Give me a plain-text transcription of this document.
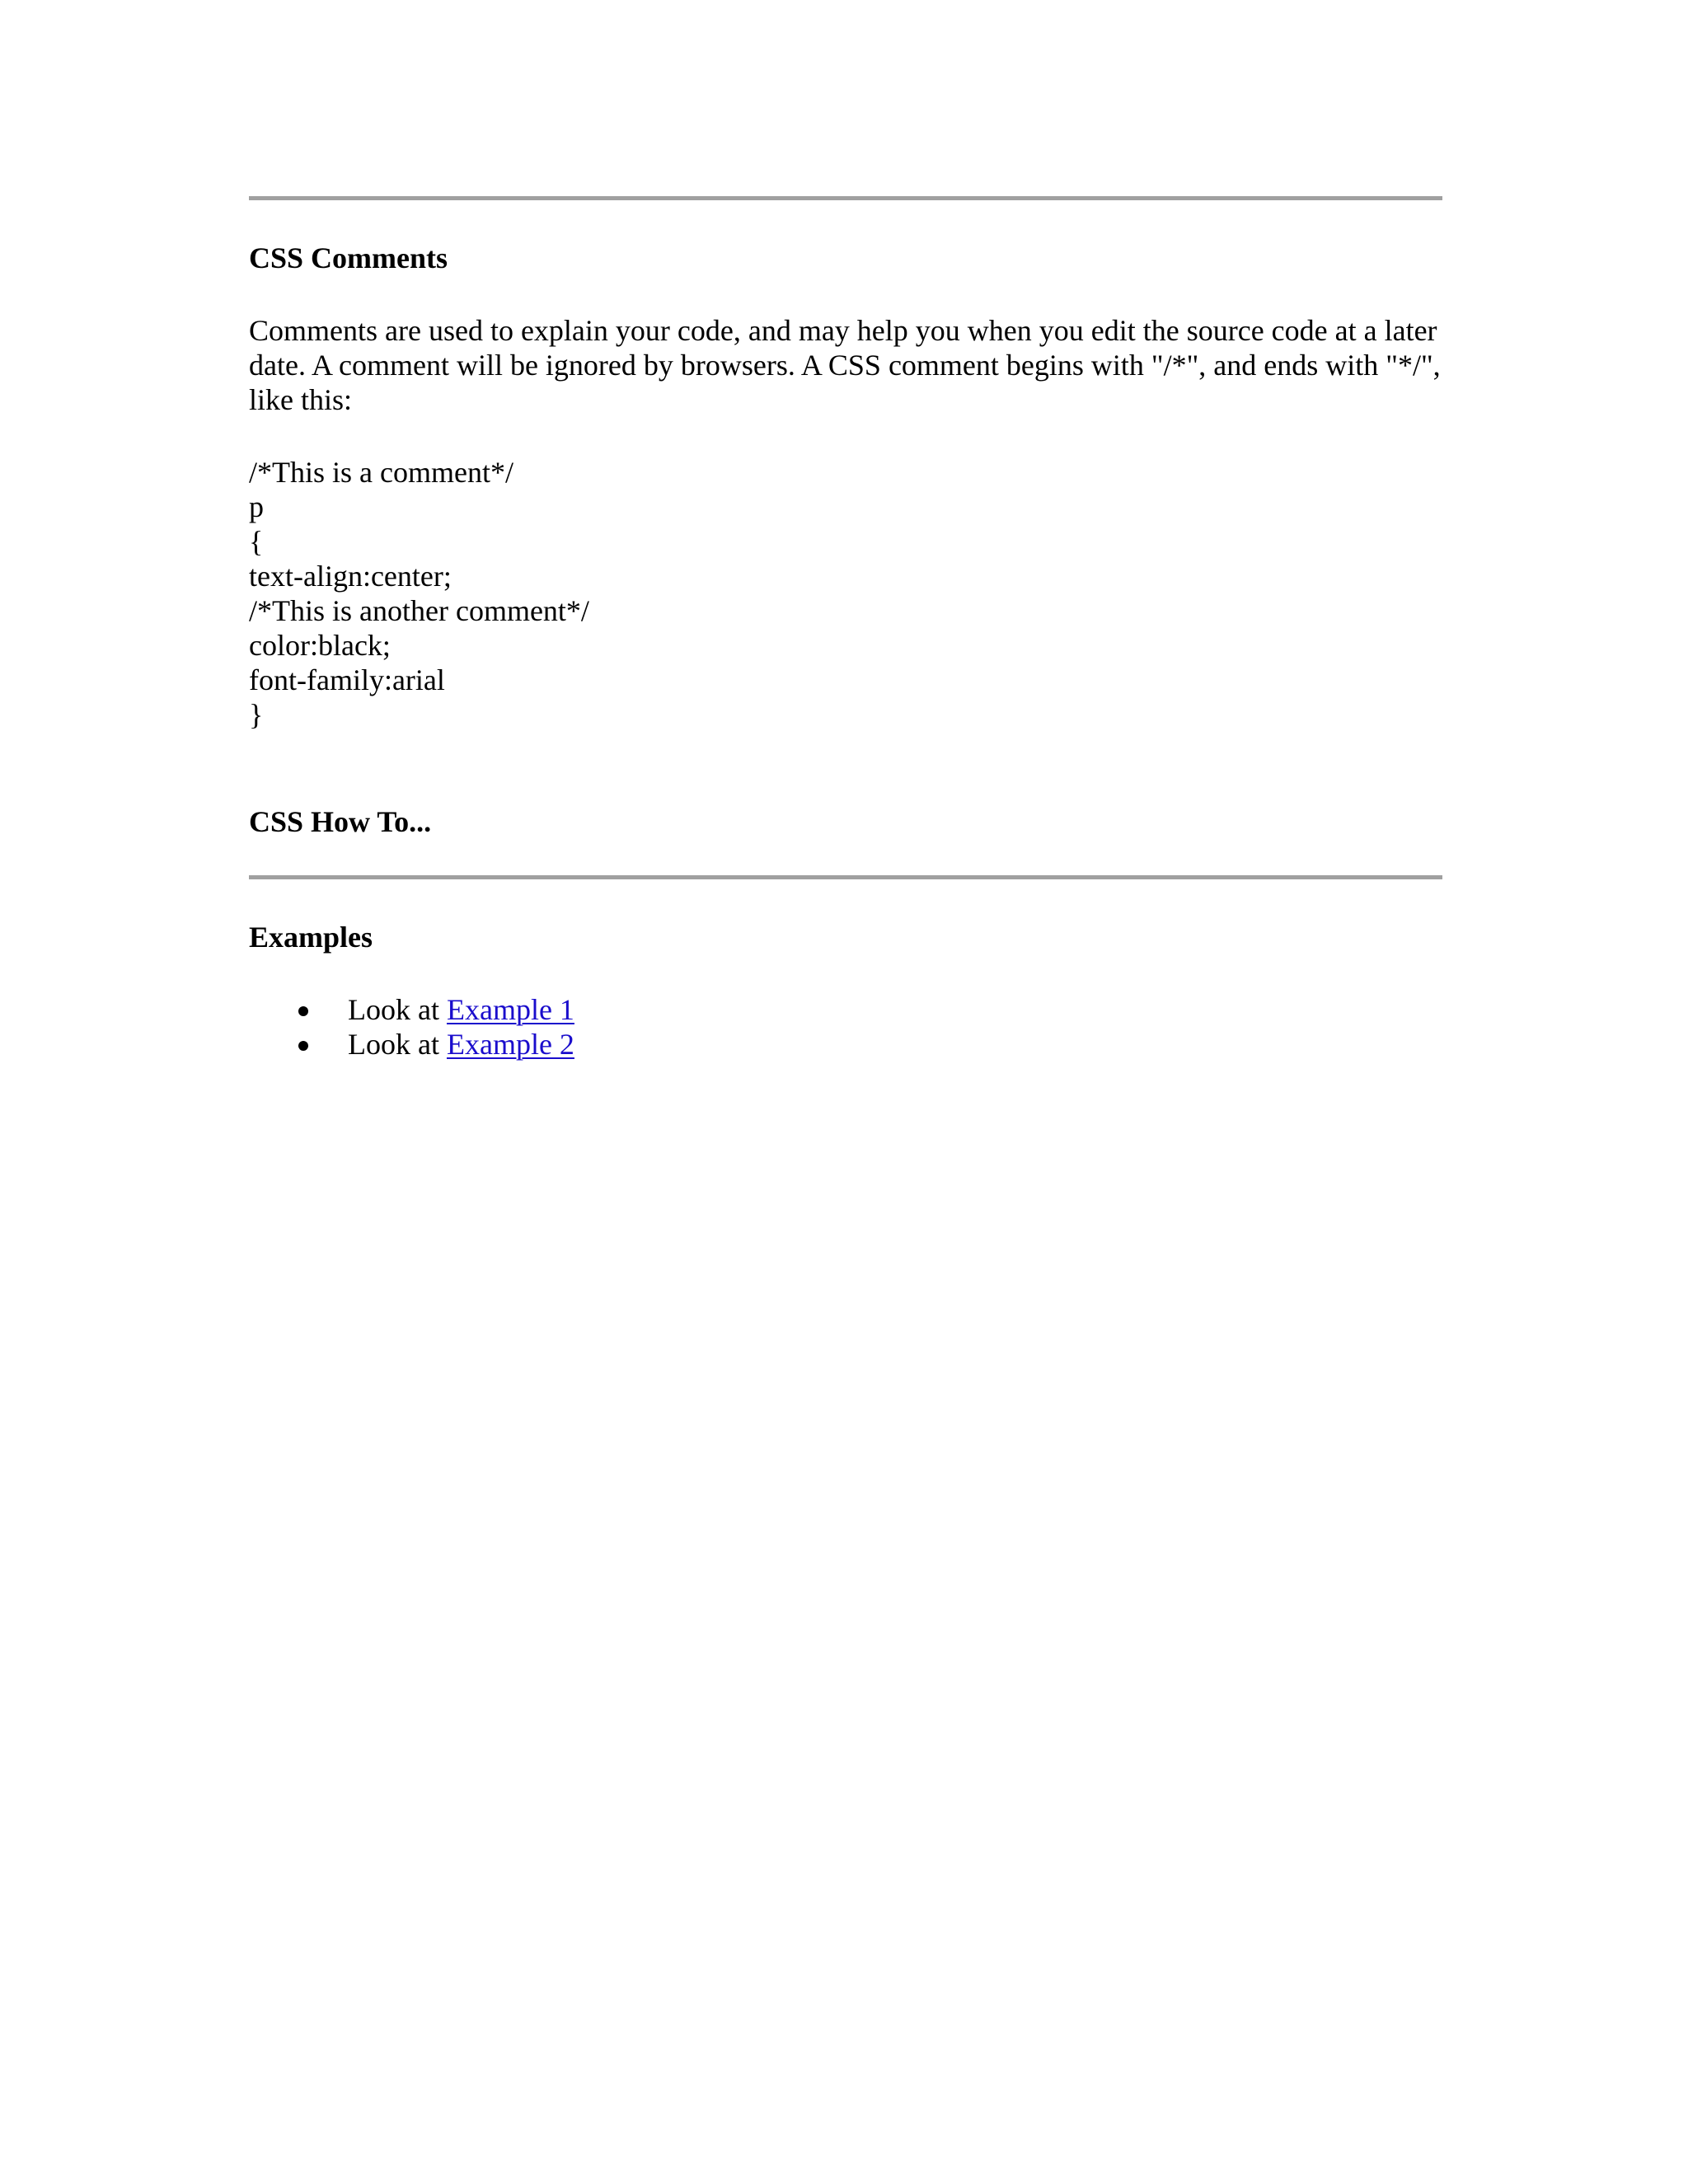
CSS Comments

Comments are used to explain your code, and may help you when you edit the source code at a later date. A comment will be ignored by browsers. A CSS comment begins with "/*", and ends with "*/", like this:

/*This is a comment*/
p
{
text-align:center;
/*This is another comment*/
color:black;
font-family:arial
}
CSS How To...
Examples
Look at Example 1
Look at Example 2
